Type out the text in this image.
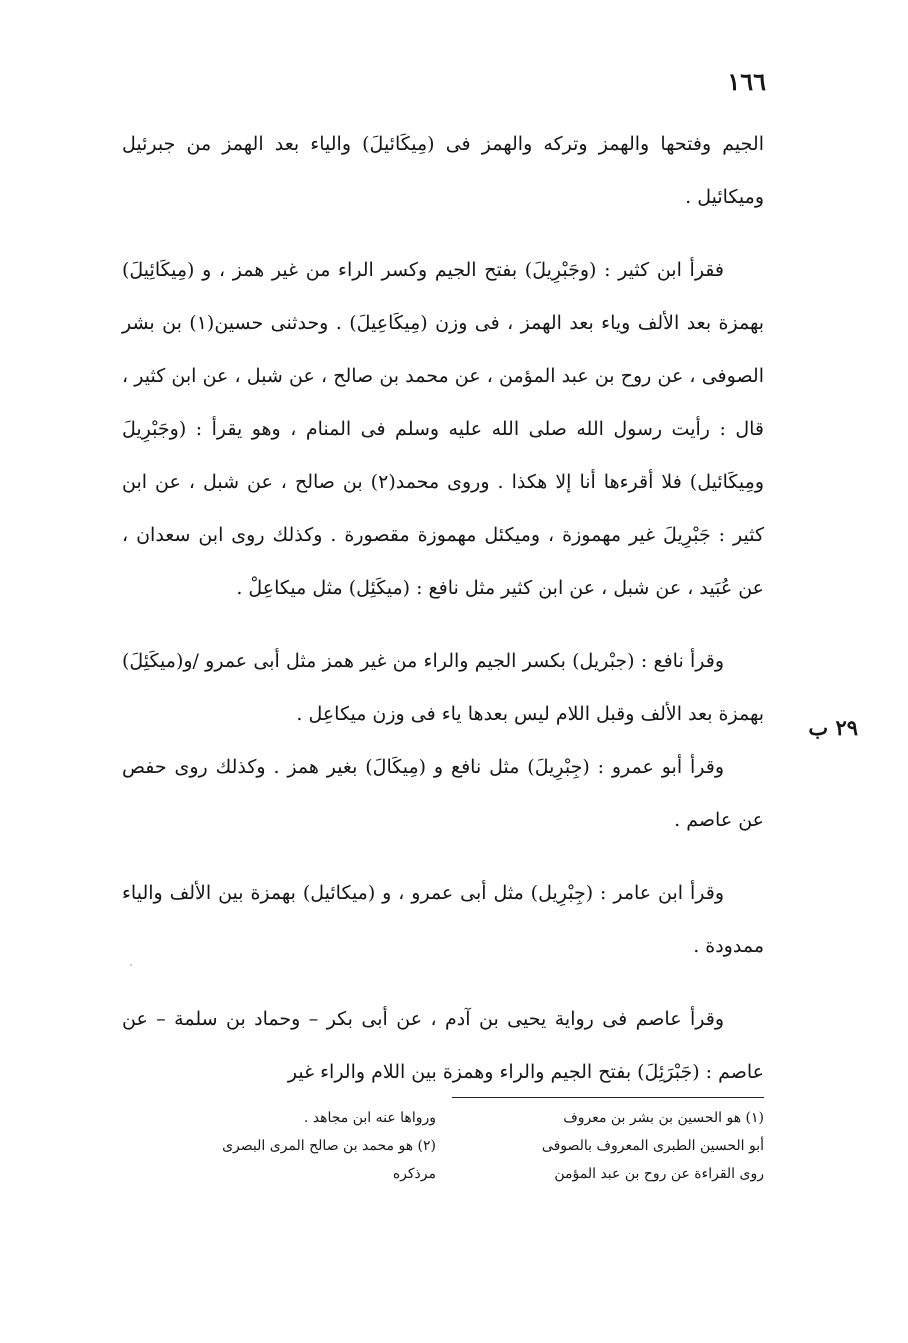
١٦٦

الجيم وفتحها والهمز وتركه والهمز فى (مِيكَائيلَ) والياء بعد الهمز من جبرئيل وميكائيل .

فقرأ ابن كثير : (وجَبْرِيلَ) بفتح الجيم وكسر الراء من غير همز ، و (مِيكَائِيلَ) بهمزة بعد الألف وياء بعد الهمز ، فى وزن (مِيكَاعِيلَ) . وحدثنى حسين(١) بن بشر الصوفى ، عن روح بن عبد المؤمن ، عن محمد بن صالح ، عن شبل ، عن ابن كثير ، قال : رأيت رسول الله صلى الله عليه وسلم فى المنام ، وهو يقرأ : (وجَبْرِيلَ ومِيكَائيل) فلا أقرءها أنا إلا هكذا . وروى محمد(٢) بن صالح ، عن شبل ، عن ابن كثير : جَبْرِيلَ غير مهموزة ، وميكئل مهموزة مقصورة . وكذلك روى ابن سعدان ، عن عُبَيد ، عن شبل ، عن ابن كثير مثل نافع : (ميكَئِل) مثل ميكاعِلْ .

وقرأ نافع : (جبْريل) بكسر الجيم والراء من غير همز مثل أبى عمرو /و(ميكَئِلَ) بهمزة بعد الألف وقبل اللام ليس بعدها ياء فى وزن ميكاعِل .

وقرأ أبو عمرو : (جِبْرِيلَ) مثل نافع و (مِيكَالَ) بغير همز . وكذلك روى حفص عن عاصم .

وقرأ ابن عامر : (جِبْرِيل) مثل أبى عمرو ، و (ميكائيل) بهمزة بين الألف والياء ممدودة .

وقرأ عاصم فى رواية يحيى بن آدم ، عن أبى بكر – وحماد بن سلمة – عن عاصم : (جَبْرَئِلَ) بفتح الجيم والراء وهمزة بين اللام والراء غير

٢٩ ب
(١) هو الحسين بن بشر بن معروف
ورواها عنه ابن مجاهد .
أبو الحسين الطبرى المعروف بالصوفى
(٢) هو محمد بن صالح المرى البصرى
روى القراءة عن روح بن عبد المؤمن
مرذكره
